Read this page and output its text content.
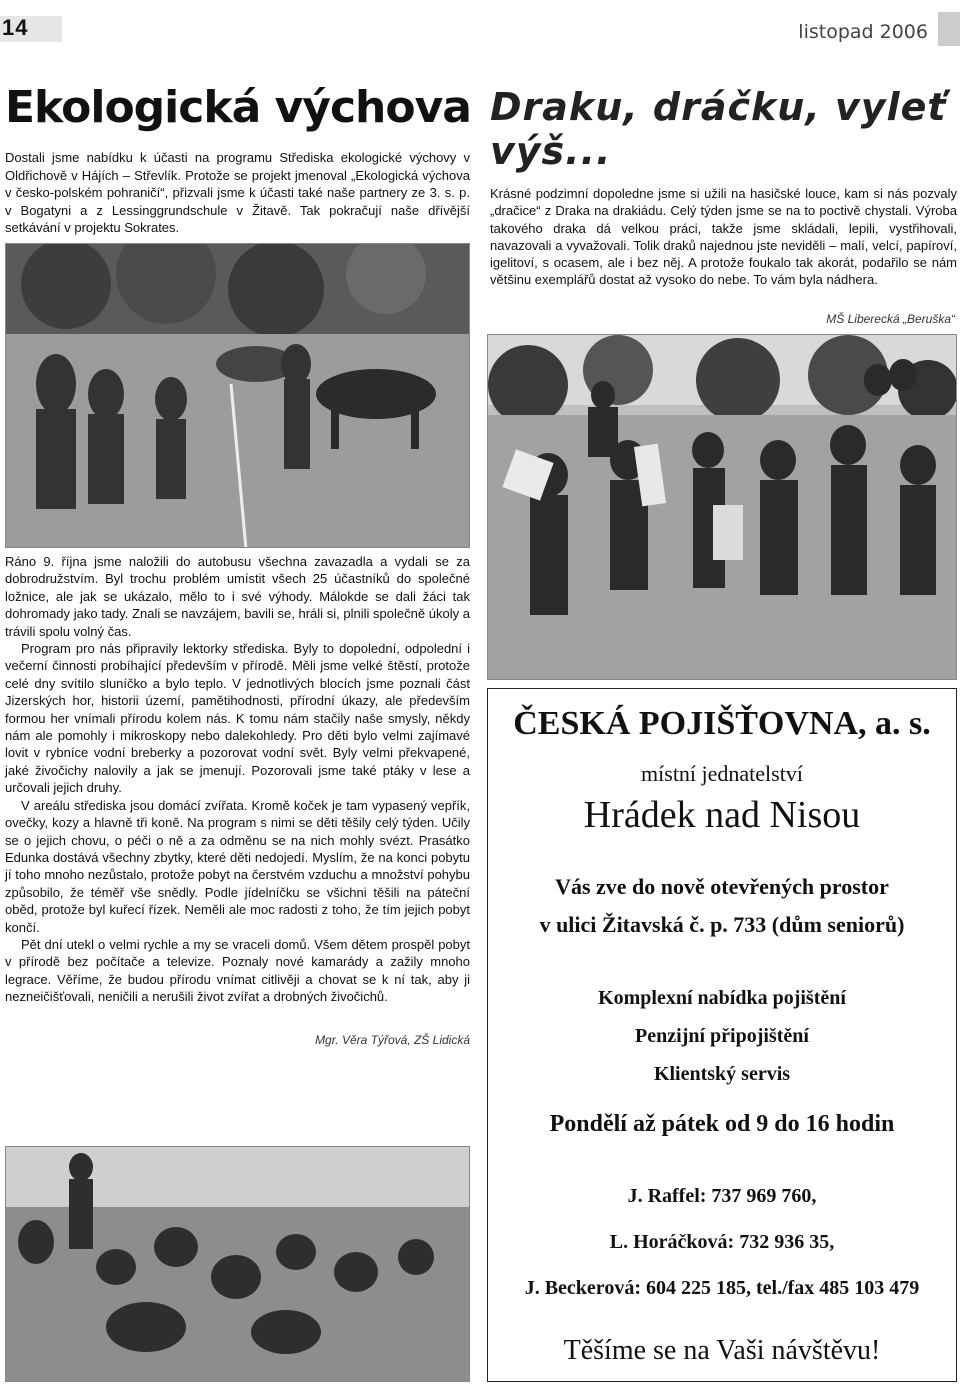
14	listopad 2006
Ekologická výchova

Dostali jsme nabídku k účasti na programu Střediska ekologické výchovy v Oldřichově v Hájích – Střevlík. Protože se projekt jmenoval „Ekologická výchova v česko-polském pohraničí“, přizvali jsme k účasti také naše partnery ze 3. s. p. v Bogatyni a z Lessinggrundschule v Žitavě. Tak pokračují naše dřívější setkávání v projektu Sokrates.

Ráno 9. října jsme naložili do autobusu všechna zavazadla a vydali se za dobrodružstvím. Byl trochu problém umístit všech 25 účastníků do společné ložnice, ale jak se ukázalo, mělo to i své výhody. Málokde se dali žáci tak dohromady jako tady. Znali se navzájem, bavili se, hráli si, plnili společně úkoly a trávili spolu volný čas.

Program pro nás připravily lektorky střediska. Byly to dopolední, odpolední i večerní činnosti probíhající především v přírodě. Měli jsme velké štěstí, protože celé dny svítilo sluníčko a bylo teplo. V jednotlivých blocích jsme poznali část Jizerských hor, historii území, pamětihodnosti, přírodní úkazy, ale především formou her vnímali přírodu kolem nás. K tomu nám stačily naše smysly, někdy nám ale pomohly i mikroskopy nebo dalekohledy. Pro děti bylo velmi zajímavé lovit v rybníce vodní breberky a pozorovat vodní svět. Byly velmi překvapené, jaké živočichy nalovily a jak se jmenují. Pozorovali jsme také ptáky v lese a určovali jejich druhy.

V areálu střediska jsou domácí zvířata. Kromě koček je tam vypasený vepřík, ovečky, kozy a hlavně tři koně. Na program s nimi se děti těšily celý týden. Učily se o jejich chovu, o péči o ně a za odměnu se na nich mohly svézt. Prasátko Edunka dostává všechny zbytky, které děti nedojedí. Myslím, že na konci pobytu jí toho mnoho nezůstalo, protože pobyt na čerstvém vzduchu a množství pohybu způsobilo, že téměř vše snědly. Podle jídelníčku se všichni těšili na páteční oběd, protože byl kuřecí řízek. Neměli ale moc radosti z toho, že tím jejich pobyt končí.

Pět dní utekl o velmi rychle a my se vraceli domů. Všem dětem prospěl pobyt v přírodě bez počítače a televize. Poznaly nové kamarády a zažily mnoho legrace. Věříme, že budou přírodu vnímat citlivěji a chovat se k ní tak, aby ji nezneičišťovali, neničili a nerušili život zvířat a drobných živočichů.

Mgr. Věra Týřová, ZŠ Lidická
Draku, dráčku, vyleť výš...

Krásné podzimní dopoledne jsme si užili na hasičské louce, kam si nás pozvaly „dračice“ z Draka na drakiádu. Celý týden jsme se na to poctivě chystali. Výroba takového draka dá velkou práci, takže jsme skládali, lepili, vystřihovali, navazovali a vyvažovali. Tolik draků najednou jste neviděli – malí, velcí, papíroví, igelitoví, s ocasem, ale i bez něj. A protože foukalo tak akorát, podařilo se nám většinu exemplářů dostat až vysoko do nebe. To vám byla nádhera.

MŠ Liberecká „Beruška“
ČESKÁ POJIŠŤOVNA, a. s.
místní jednatelství
Hrádek nad Nisou
Vás zve do nově otevřených prostor
v ulici Žitavská č. p. 733 (dům seniorů)
Komplexní nabídka pojištění
Penzijní připojištění
Klientský servis
Pondělí až pátek od 9 do 16 hodin
J. Raffel: 737 969 760,
L. Horáčková: 732 936 35,
J. Beckerová: 604 225 185, tel./fax 485 103 479
Těšíme se na Vaši návštěvu!
